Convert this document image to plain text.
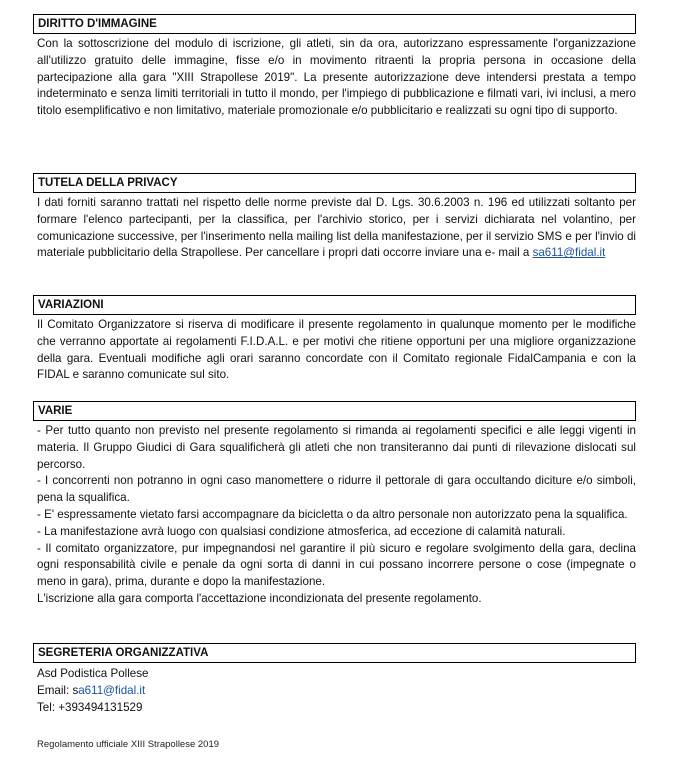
DIRITTO D'IMMAGINE

Con la sottoscrizione del modulo di iscrizione, gli atleti, sin da ora, autorizzano espressamente l'organizzazione all'utilizzo gratuito delle immagine, fisse e/o in movimento ritraenti la propria persona in occasione della partecipazione alla gara "XIII Strapollese 2019". La presente autorizzazione deve intendersi prestata a tempo indeterminato e senza limiti territoriali in tutto il mondo, per l'impiego di pubblicazione e filmati vari, ivi inclusi, a mero titolo esemplificativo e non limitativo, materiale promozionale e/o pubblicitario e realizzati su ogni tipo di supporto.

TUTELA DELLA PRIVACY

I dati forniti saranno trattati nel rispetto delle norme previste dal D. Lgs. 30.6.2003 n. 196 ed utilizzati soltanto per formare l'elenco partecipanti, per la classifica, per l'archivio storico, per i servizi dichiarata nel volantino, per comunicazione successive, per l'inserimento nella mailing list della manifestazione, per il servizio SMS e per l'invio di materiale pubblicitario della Strapollese. Per cancellare i propri dati occorre inviare una e- mail a sa611@fidal.it

VARIAZIONI

Il Comitato Organizzatore si riserva di modificare il presente regolamento in qualunque momento per le modifiche che verranno apportate ai regolamenti F.I.D.A.L. e per motivi che ritiene opportuni per una migliore organizzazione della gara. Eventuali modifiche agli orari saranno concordate con il Comitato regionale FidalCampania e con la FIDAL e saranno comunicate sul sito.

VARIE

- Per tutto quanto non previsto nel presente regolamento si rimanda ai regolamenti specifici e alle leggi vigenti in materia. Il Gruppo Giudici di Gara squalificherà gli atleti che non transiteranno dai punti di rilevazione dislocati sul percorso.

- I concorrenti non potranno in ogni caso manomettere o ridurre il pettorale di gara occultando diciture e/o simboli, pena la squalifica.

- E' espressamente vietato farsi accompagnare da bicicletta o da altro personale non autorizzato pena la squalifica.

- La manifestazione avrà luogo con qualsiasi condizione atmosferica, ad eccezione di calamità naturali.

- Il comitato organizzatore, pur impegnandosi nel garantire il più sicuro e regolare svolgimento della gara, declina ogni responsabilità civile e penale da ogni sorta di danni in cui possano incorrere persone o cose (impegnate o meno in gara), prima, durante e dopo la manifestazione.

L'iscrizione alla gara comporta l'accettazione incondizionata del presente regolamento.

SEGRETERIA ORGANIZZATIVA
Asd Podistica Pollese
Email: sa611@fidal.it
Tel: +393494131529
Regolamento ufficiale XIII Strapollese 2019
